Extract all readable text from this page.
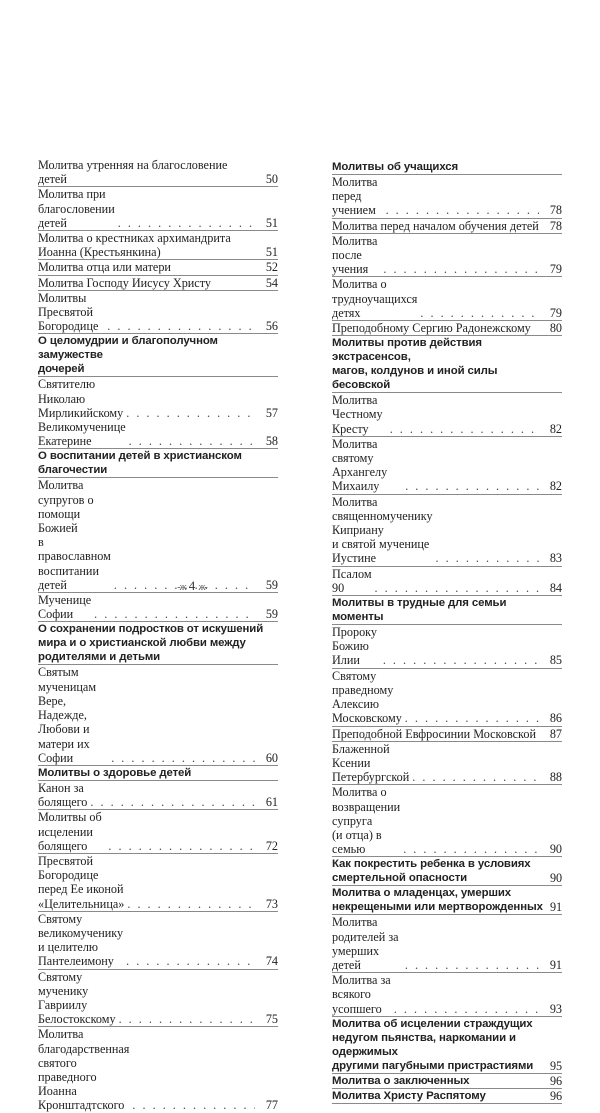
Молитва утренняя на благословение детей	50
Молитва при благословении детей . . .	51
Молитва о крестниках архимандрита
Иоанна (Крестьянкина)	51
Молитва отца или матери	52
Молитва Господу Иисусу Христу	54
Молитвы Пресвятой Богородице . . .	56
О целомудрии и благополучном замужестве
дочерей
Святителю Николаю Мирликийскому . . .	57
Великомученице Екатерине . . .	58
О воспитании детей в христианском
благочестии
Молитва супругов о помощи Божией
в православном воспитании детей . . .	59
Мученице Софии . . .	59
О сохранении подростков от искушений
мира и о христианской любви между
родителями и детьми
Святым мученицам Вере, Надежде,
Любови и матери их Софии . . .	60
Молитвы о здоровье детей
Канон за болящего . . .	61
Молитвы об исцелении болящего . . .	72
Пресвятой Богородице перед Ее иконой
«Целительница» . . .	73
Святому великомученику и целителю
Пантелеимону . . .	74
Святому мученику Гавриилу
Белостокскому . . .	75
Молитва благодарственная святого
праведного Иоанна Кронштадтского . . .	77
Молитвы об учащихся
Молитва перед учением . . .	78
Молитва перед началом обучения детей 78
Молитва после учения . . .	79
Молитва о трудноучащихся детях . . .	79
Преподобному Сергию Радонежскому	80
Молитвы против действия экстрасенсов,
магов, колдунов и иной силы бесовской
Молитва Честному Кресту . . .	82
Молитва святому Архангелу Михаилу . . .	82
Молитва священномученику Киприану
и святой мученице Иустине . . .	83
Псалом 90 . . .	84
Молитвы в трудные для семьи моменты
Пророку Божию Илии . . .	85
Святому праведному Алексию
Московскому . . .	86
Преподобной Евфросинии Московской	87
Блаженной Ксении Петербургской . . .	88
Молитва о возвращении супруга
(и отца) в семью . . .	90
Как покрестить ребенка в условиях
смертельной опасности	90
Молитва о младенцах, умерших
некрещеными или мертворожденных 91
Молитва родителей за умерших детей . . .	91
Молитва за всякого усопшего . . .	93
Молитва об исцелении страждущих
недугом пьянства, наркомании и одержимых
другими пагубными пристрастиями	95
Молитва о заключенных	96
Молитва Христу Распятому	96
-ж 4 ж-
